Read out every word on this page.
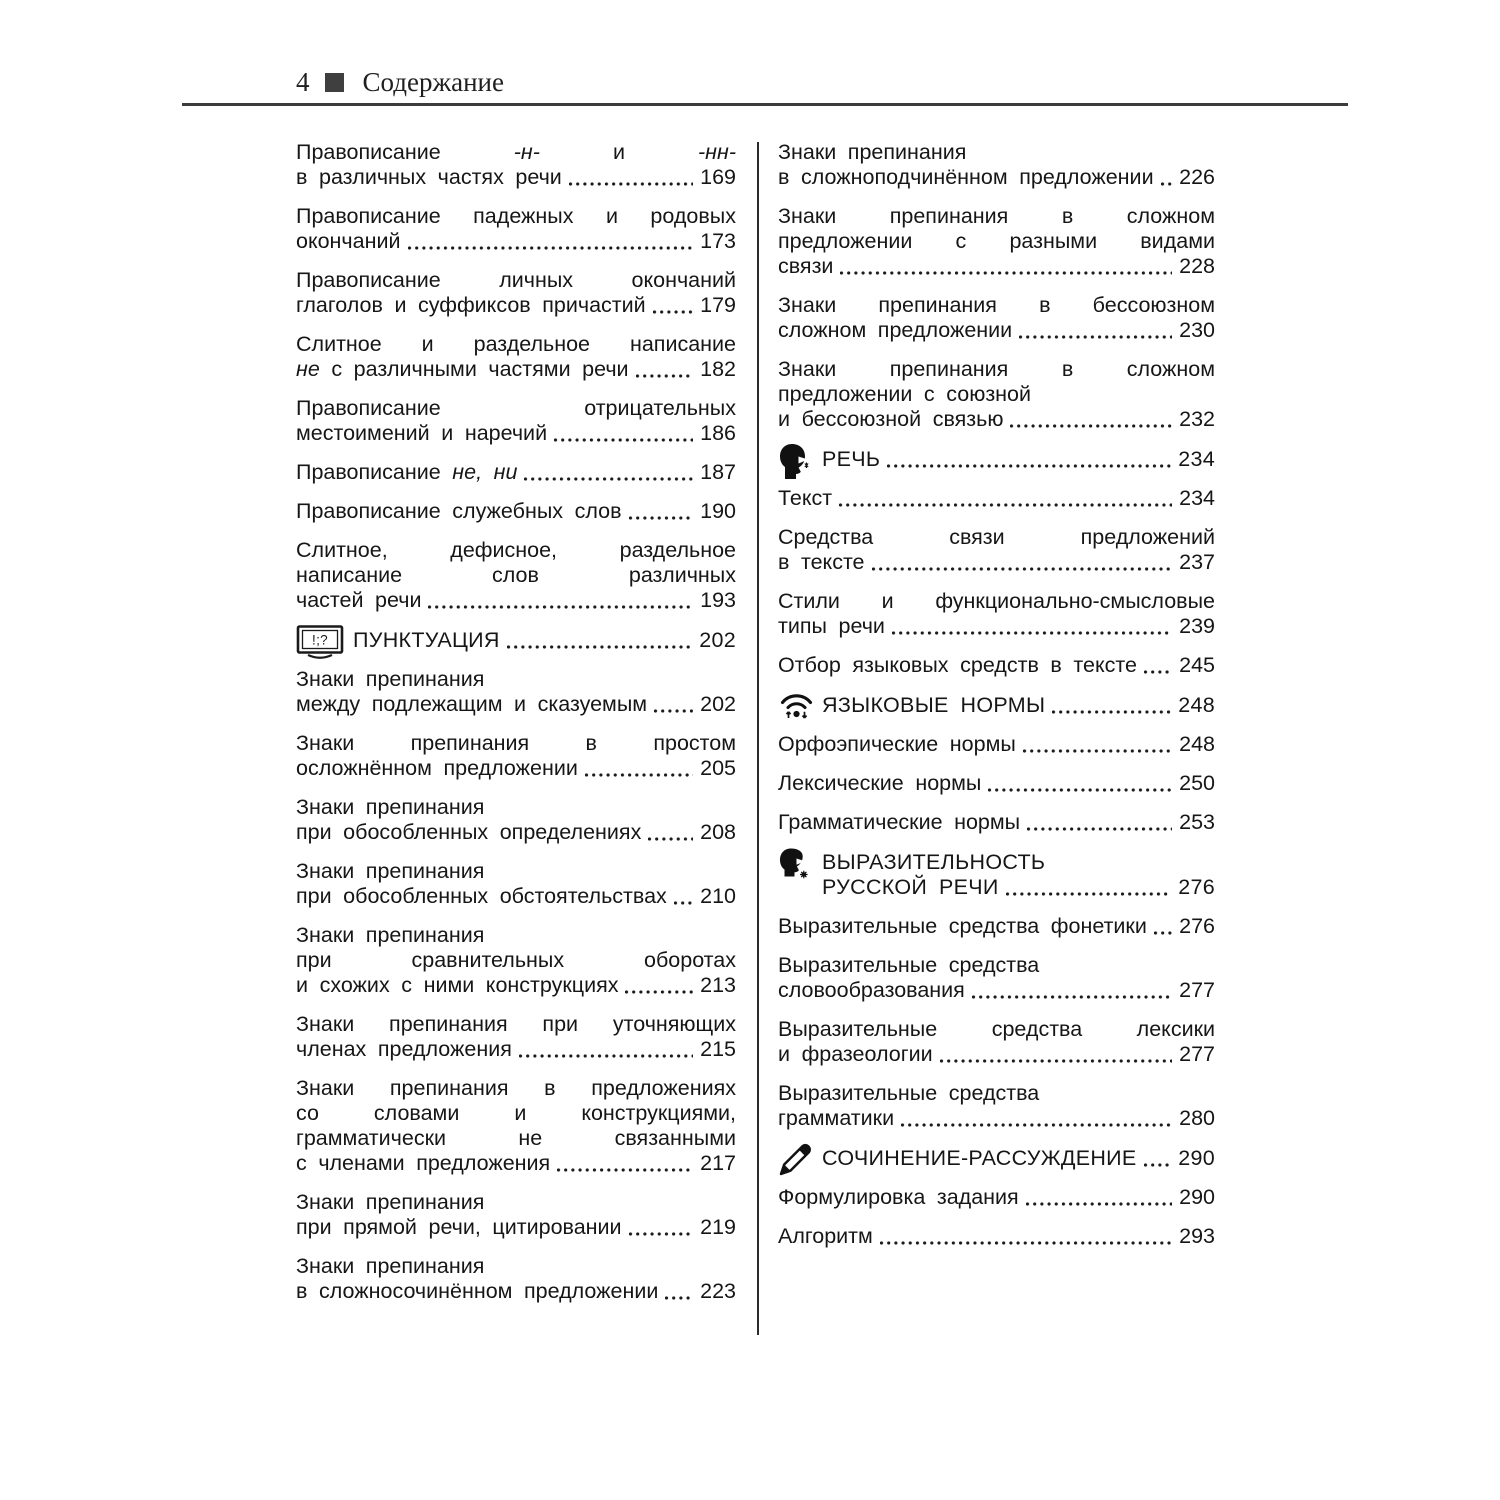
4 Содержание
Правописание -н- и -нн-
в различных частях речи	169
Правописание падежных и родовых
окончаний	173
Правописание личных окончаний
глаголов и суффиксов причастий	179
Слитное и раздельное написание
не с различными частями речи	182
Правописание отрицательных
местоимений и наречий	186
Правописание не, ни	187
Правописание служебных слов	190
Слитное, дефисное, раздельное
написание слов различных
частей речи	193
!;? ПУНКТУАЦИЯ	202
Знаки препинания
между подлежащим и сказуемым 202
Знаки препинания в простом
осложнённом предложении	205
Знаки препинания
при обособленных определениях	208
Знаки препинания
при обособленных обстоятельствах 210
Знаки препинания
при сравнительных оборотах
и схожих с ними конструкциях	213
Знаки препинания при уточняющих
членах предложения	215
Знаки препинания в предложениях
со словами и конструкциями,
грамматически не связанными
с членами предложения	217
Знаки препинания
при прямой речи, цитировании	219
Знаки препинания
в сложносочинённом предложении 223
Знаки препинания
в сложноподчинённом предложении 226
Знаки препинания в сложном
предложении с разными видами
связи	228
Знаки препинания в бессоюзном
сложном предложении	230
Знаки препинания в сложном
предложении с союзной
и бессоюзной связью	232
РЕЧЬ	234
Текст	234
Средства связи предложений
в тексте	237
Стили и функционально-смысловые
типы речи	239
Отбор языковых средств в тексте 245
ЯЗЫКОВЫЕ НОРМЫ	248
Орфоэпические нормы	248
Лексические нормы	250
Грамматические нормы	253
ВЫРАЗИТЕЛЬНОСТЬ
РУССКОЙ РЕЧИ	276
Выразительные средства фонетики 276
Выразительные средства
словообразования	277
Выразительные средства лексики
и фразеологии	277
Выразительные средства
грамматики	280
СОЧИНЕНИЕ-РАССУЖДЕНИЕ 290
Формулировка задания	290
Алгоритм	293
